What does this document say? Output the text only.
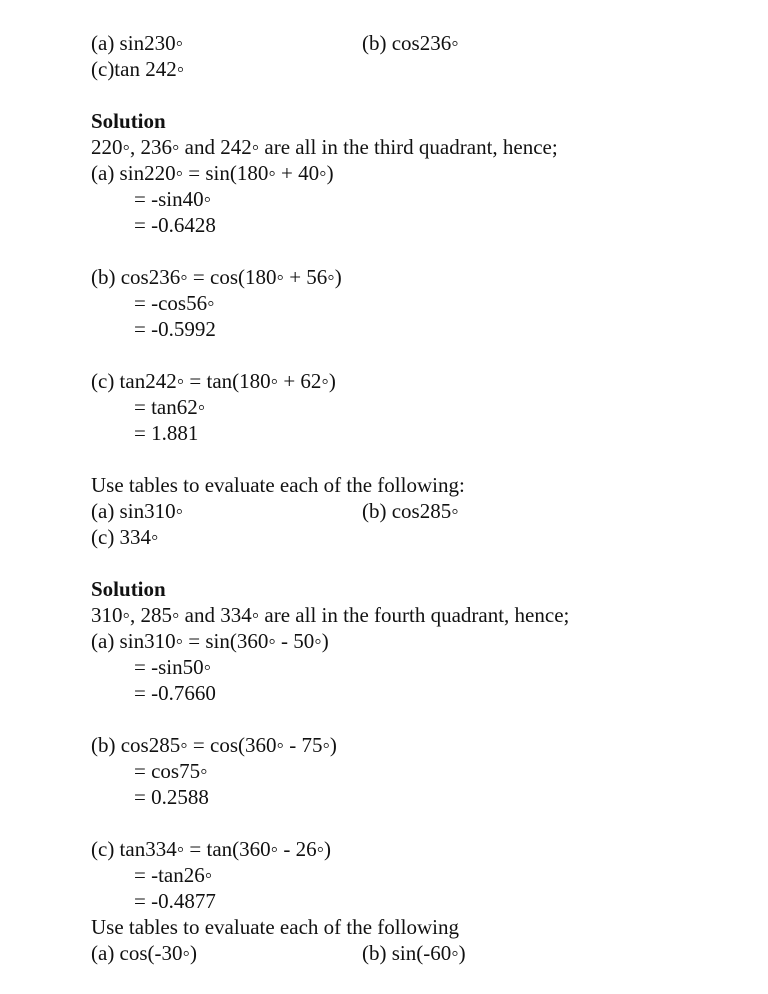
(a) sin230◦	(b) cos236◦
(c)tan 242◦
Solution
220◦, 236◦ and 242◦ are all in the third quadrant, hence;
(a) sin220◦ = sin(180◦ + 40◦)
= -sin40◦
= -0.6428
(b) cos236◦ = cos(180◦ + 56◦)
= -cos56◦
= -0.5992
(c) tan242◦ = tan(180◦ + 62◦)
= tan62◦
= 1.881
Use tables to evaluate each of the following:
(a) sin310◦	(b) cos285◦
(c) 334◦
Solution
310◦, 285◦ and 334◦ are all in the fourth quadrant, hence;
(a) sin310◦ = sin(360◦ - 50◦)
= -sin50◦
= -0.7660
(b) cos285◦ = cos(360◦ - 75◦)
= cos75◦
= 0.2588
(c) tan334◦ = tan(360◦ - 26◦)
= -tan26◦
= -0.4877
Use tables to evaluate each of the following
(a) cos(-30◦)	(b) sin(-60◦)
